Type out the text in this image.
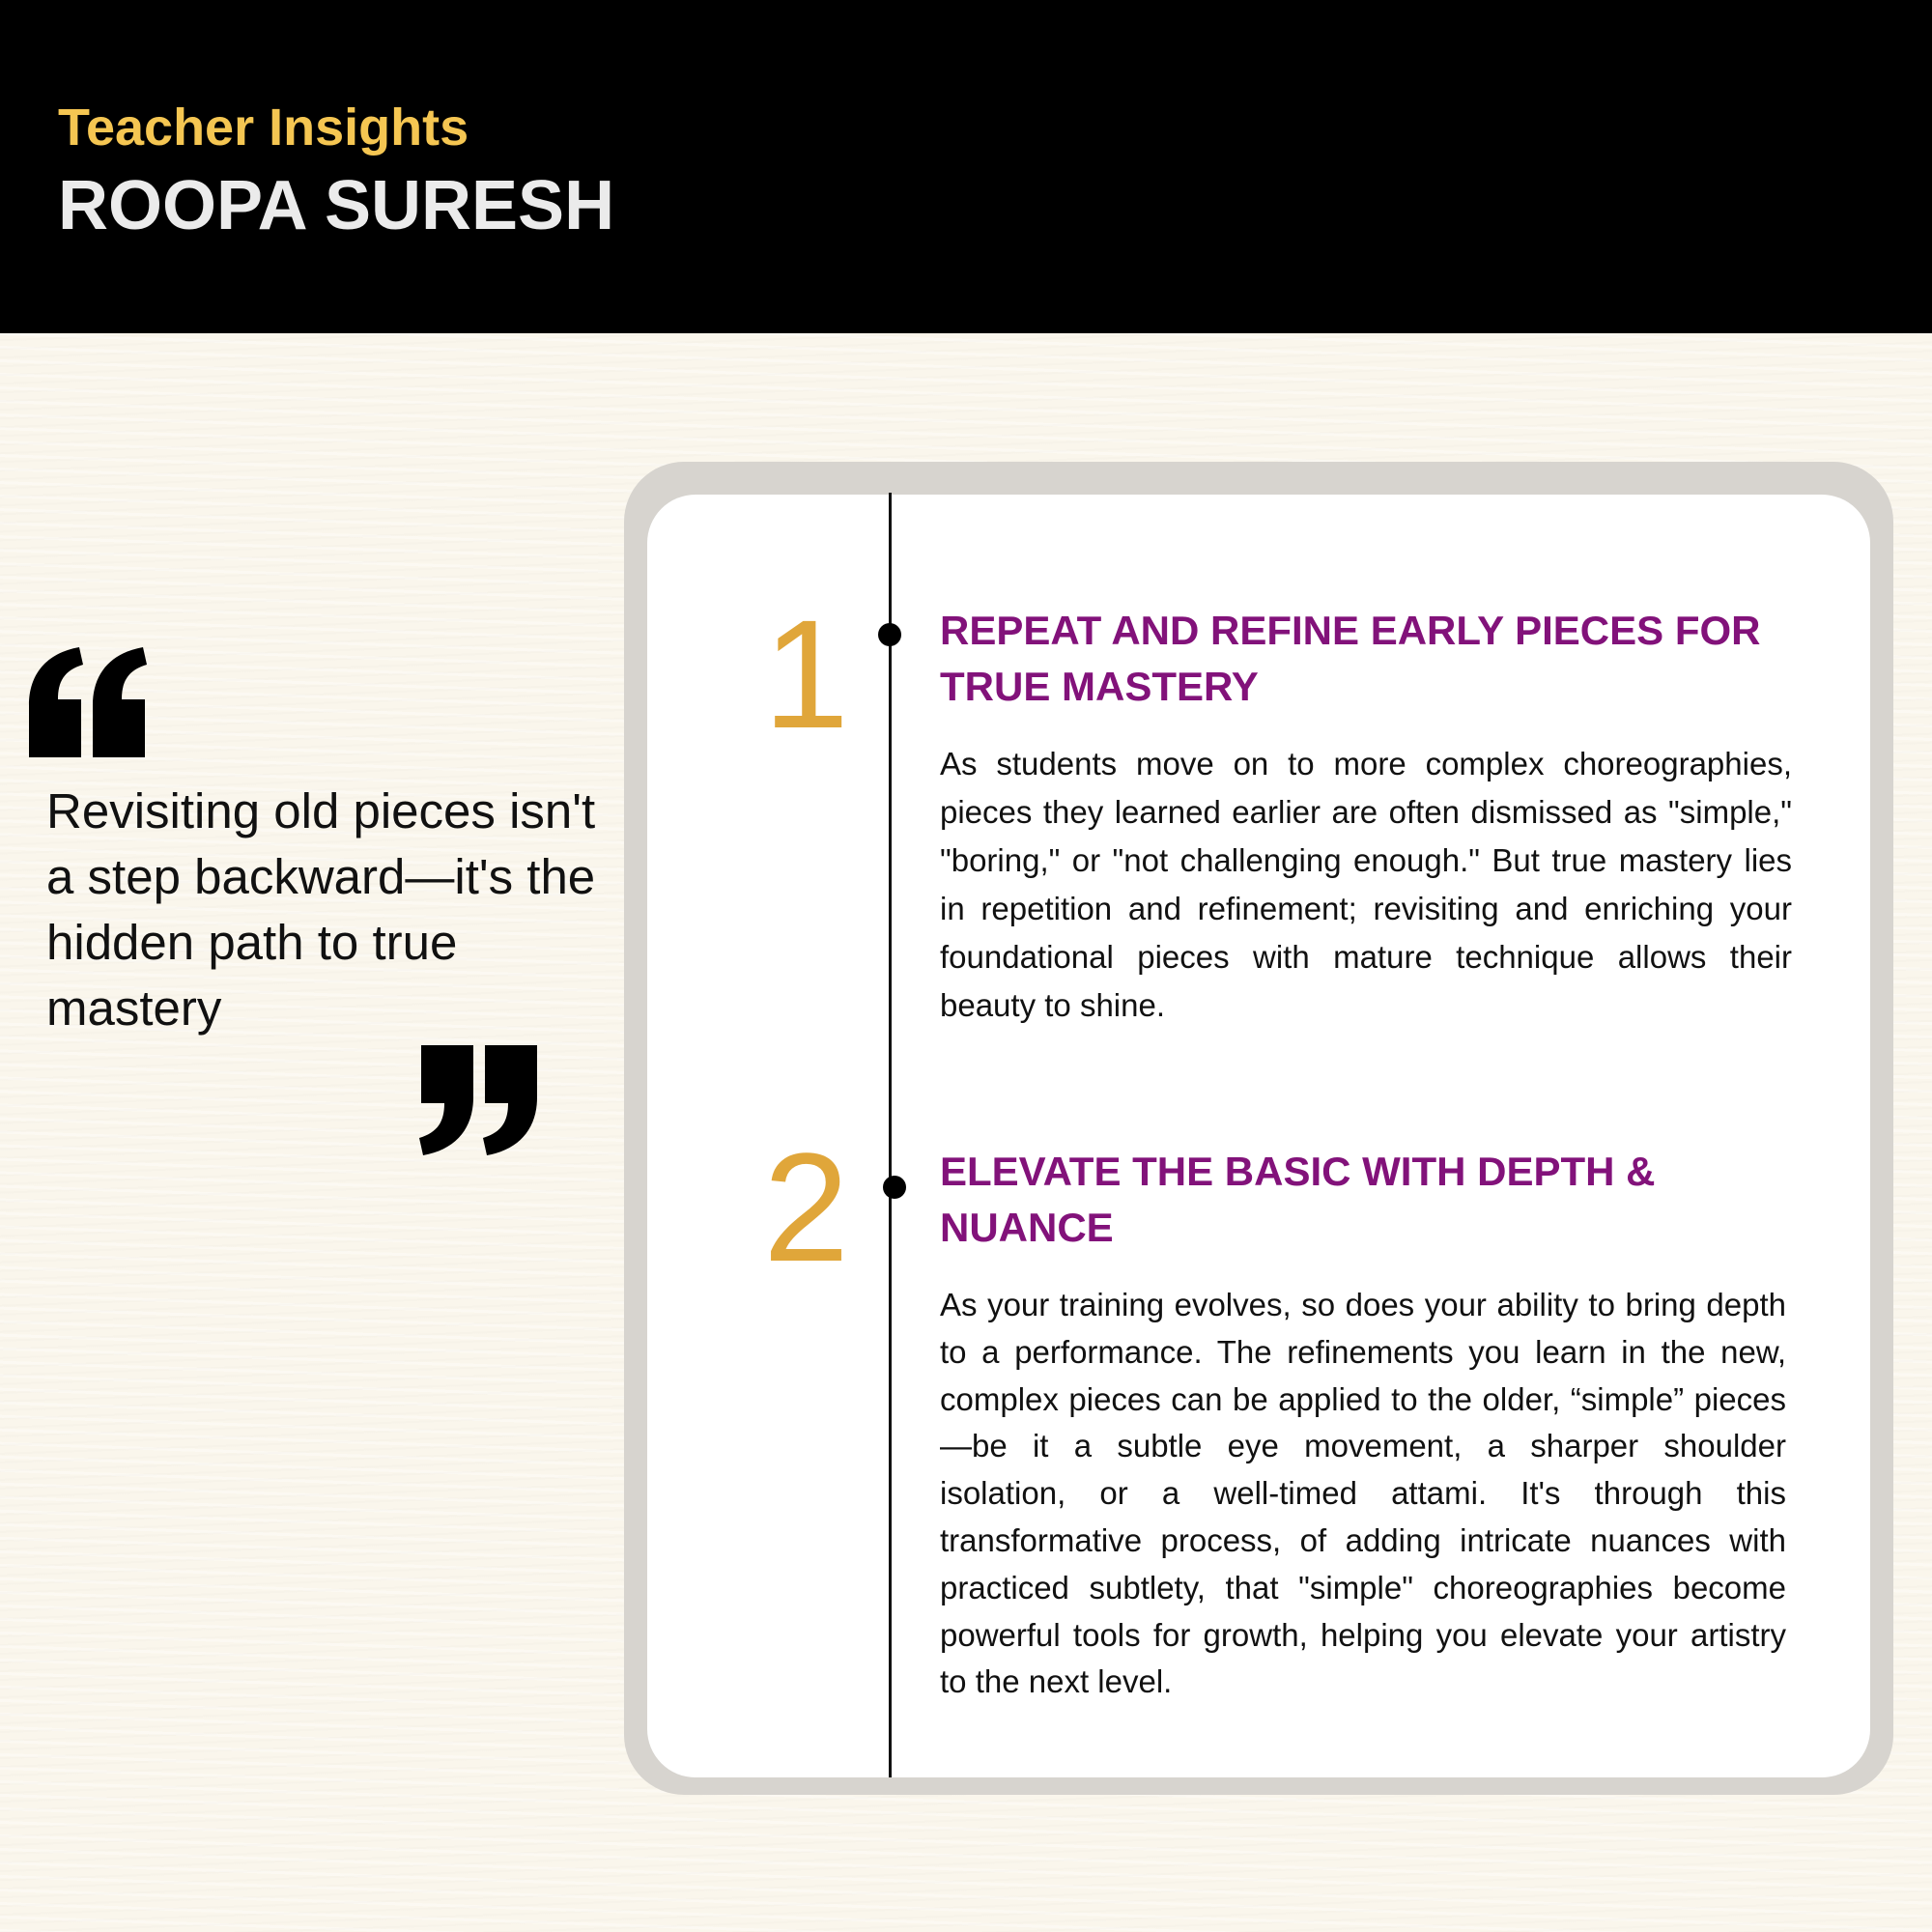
Teacher Insights
ROOPA SURESH
Revisiting old pieces isn't a step backward—it's the hidden path to true mastery
1 REPEAT AND REFINE EARLY PIECES FOR TRUE MASTERY
As students move on to more complex choreographies, pieces they learned earlier are often dismissed as "simple," "boring," or "not challenging enough." But true mastery lies in repetition and refinement; revisiting and enriching your foundational pieces with mature technique allows their beauty to shine.
2 ELEVATE THE BASIC WITH DEPTH & NUANCE
As your training evolves, so does your ability to bring depth to a performance. The refinements you learn in the new, complex pieces can be applied to the older, “simple” pieces —be it a subtle eye movement, a sharper shoulder isolation, or a well-timed attami. It's through this transformative process, of adding intricate nuances with practiced subtlety, that "simple" choreographies become powerful tools for growth, helping you elevate your artistry to the next level.
